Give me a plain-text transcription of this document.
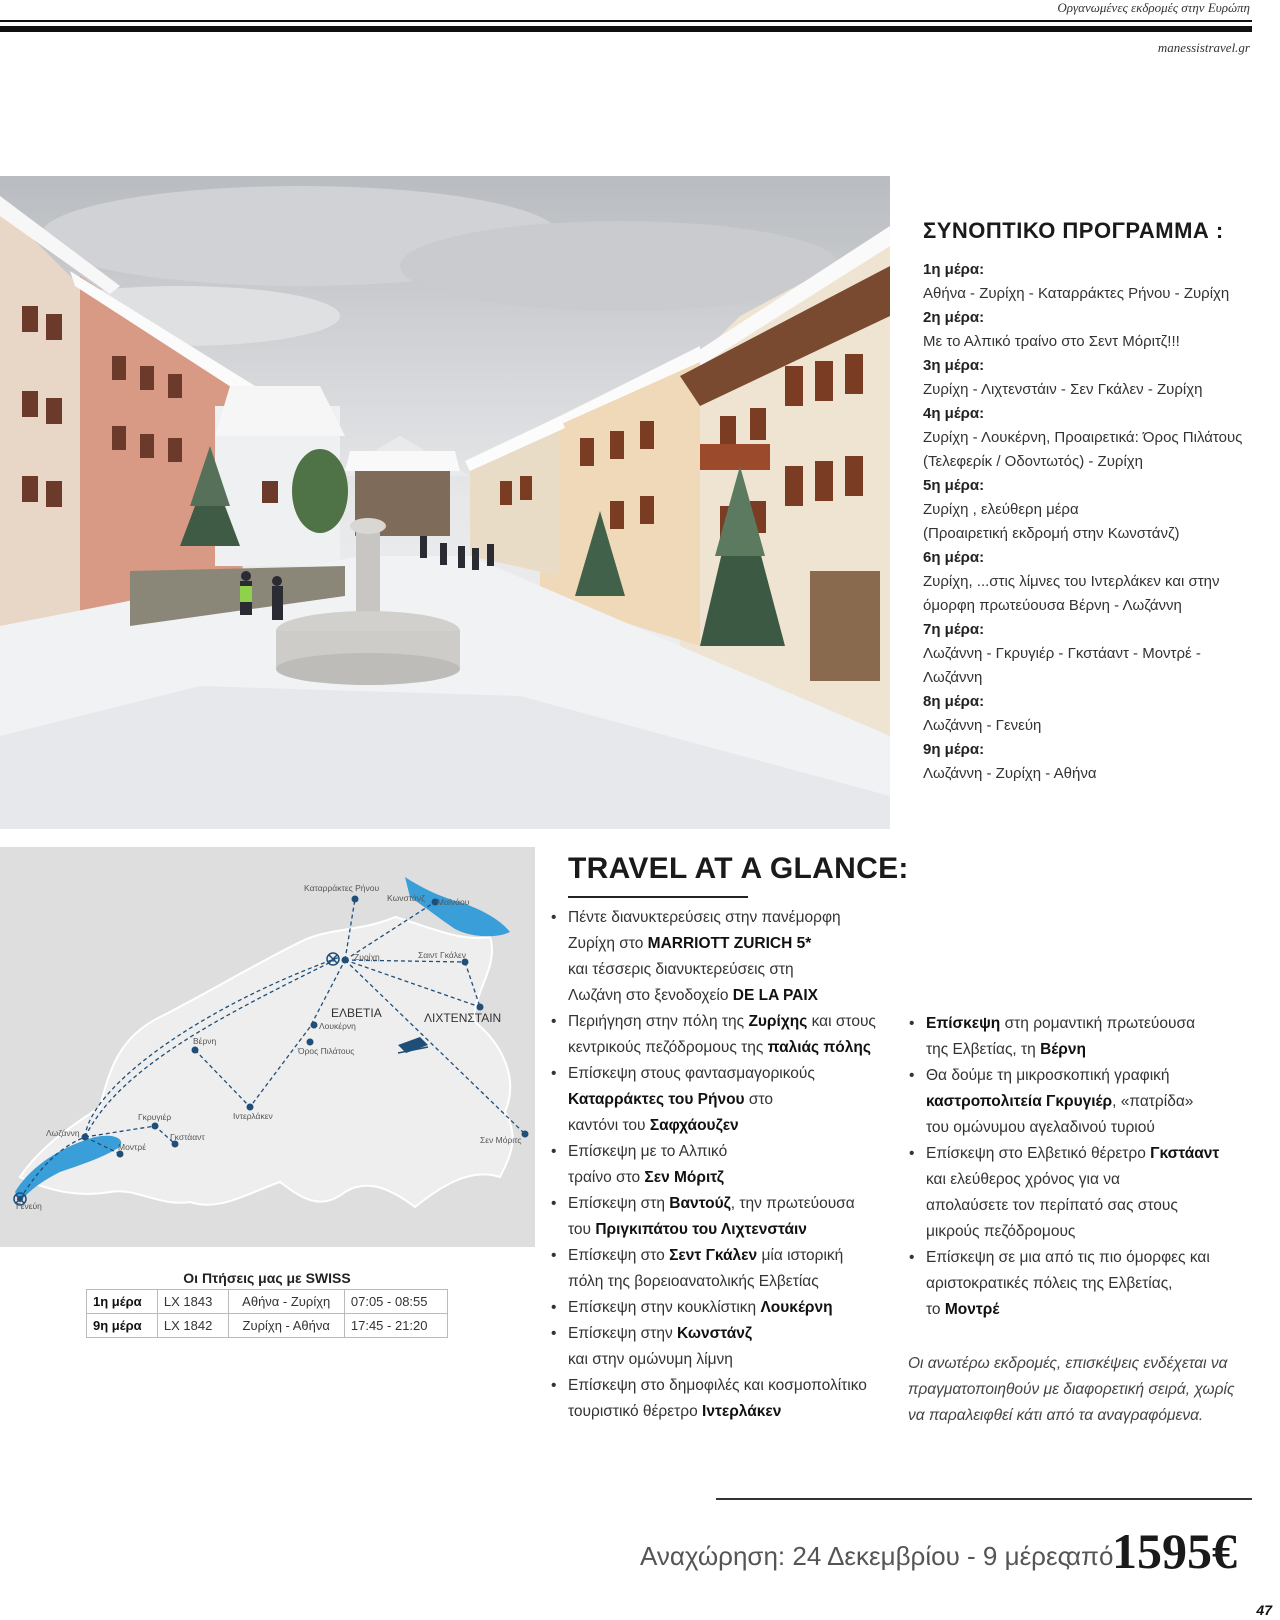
Οργανωμένες εκδρομές στην Ευρώπη
manessistravel.gr
ΣΥΝΟΠΤΙΚΟ ΠΡΟΓΡΑΜΜΑ :
1η μέρα:
Αθήνα - Ζυρίχη - Καταρράκτες Ρήνου - Ζυρίχη
2η μέρα:
Με το Αλπικό τραίνο στο Σεντ Μόριτζ!!!
3η μέρα:
Ζυρίχη - Λιχτενστάιν - Σεν Γκάλεν - Ζυρίχη
4η μέρα:
Ζυρίχη - Λουκέρνη, Προαιρετικά: Όρος Πιλάτους
(Τελεφερίκ / Οδοντωτός) - Ζυρίχη
5η μέρα:
Ζυρίχη , ελεύθερη μέρα
(Προαιρετική εκδρομή στην Κωνστάνζ)
6η μέρα:
Ζυρίχη, ...στις λίμνες του Ιντερλάκεν και στην
όμορφη πρωτεύουσα Βέρνη - Λωζάννη
7η μέρα:
Λωζάννη - Γκρυγιέρ - Γκστάαντ - Μοντρέ -
Λωζάννη
8η μέρα:
Λωζάννη - Γενεύη
9η μέρα:
Λωζάννη - Ζυρίχη - Αθήνα
Καταρράκτες Ρήνου
Κωνστάνζ Μαϊνάου
Ζυρίχη	Σαιντ Γκάλεν
Λουκέρνη
Όρος Πιλάτους
Βέρνη
Ιντερλάκεν
Γκρυγιέρ
Λωζάννη	Γκστάαντ
Μοντρέ
Σεν Μόριτς
Γενεύη
ΕΛΒΕΤΙΑ	ΛΙΧΤΕΝΣΤΑΙΝ
Οι Πτήσεις μας με SWISS
1η μέρα	LX 1843	Αθήνα - Ζυρίχη	07:05 - 08:55
9η μέρα	LX 1842	Ζυρίχη - Αθήνα	17:45 - 21:20
TRAVEL AT A GLANCE:
• Πέντε διανυκτερεύσεις στην πανέμορφη
Ζυρίχη στο MARRIOTT ZURICH 5*
και τέσσερις διανυκτερεύσεις στη
Λωζάνη στο ξενοδοχείο DE LA PAIX
• Περιήγηση στην πόλη της Ζυρίχης και στους
κεντρικούς πεζόδρομους της παλιάς πόλης
• Επίσκεψη στους φαντασμαγορικούς
Καταρράκτες του Ρήνου στο
καντόνι του Σαφχάουζεν
• Επίσκεψη με το Αλπικό
τραίνο στο Σεν Μόριτζ
• Επίσκεψη στη Βαντούζ, την πρωτεύουσα
του Πριγκιπάτου του Λιχτενστάιν
• Επίσκεψη στο Σεντ Γκάλεν μία ιστορική
πόλη της βορειοανατολικής Ελβετίας
• Επίσκεψη στην κουκλίστικη Λουκέρνη
• Επίσκεψη στην Κωνστάνζ
και στην ομώνυμη λίμνη
• Επίσκεψη στο δημοφιλές και κοσμοπολίτικο
τουριστικό θέρετρο Ιντερλάκεν
• Επίσκεψη στη ρομαντική πρωτεύουσα
της Ελβετίας, τη Βέρνη
• Θα δούμε τη μικροσκοπική γραφική
καστροπολιτεία Γκρυγιέρ, «πατρίδα»
του ομώνυμου αγελαδινού τυριού
• Επίσκεψη στο Ελβετικό θέρετρο Γκστάαντ
και ελεύθερος χρόνος για να
απολαύσετε τον περίπατό σας στους
μικρούς πεζόδρομους
• Επίσκεψη σε μια από τις πιο όμορφες και
αριστοκρατικές πόλεις της Ελβετίας,
το Μοντρέ
Οι ανωτέρω εκδρομές, επισκέψεις ενδέχεται να πραγματοποιηθούν με διαφορετική σειρά, χωρίς να παραλειφθεί κάτι από τα αναγραφόμενα.
Αναχώρηση: 24 Δεκεμβρίου - 9 μέρες
από
1595€
47
